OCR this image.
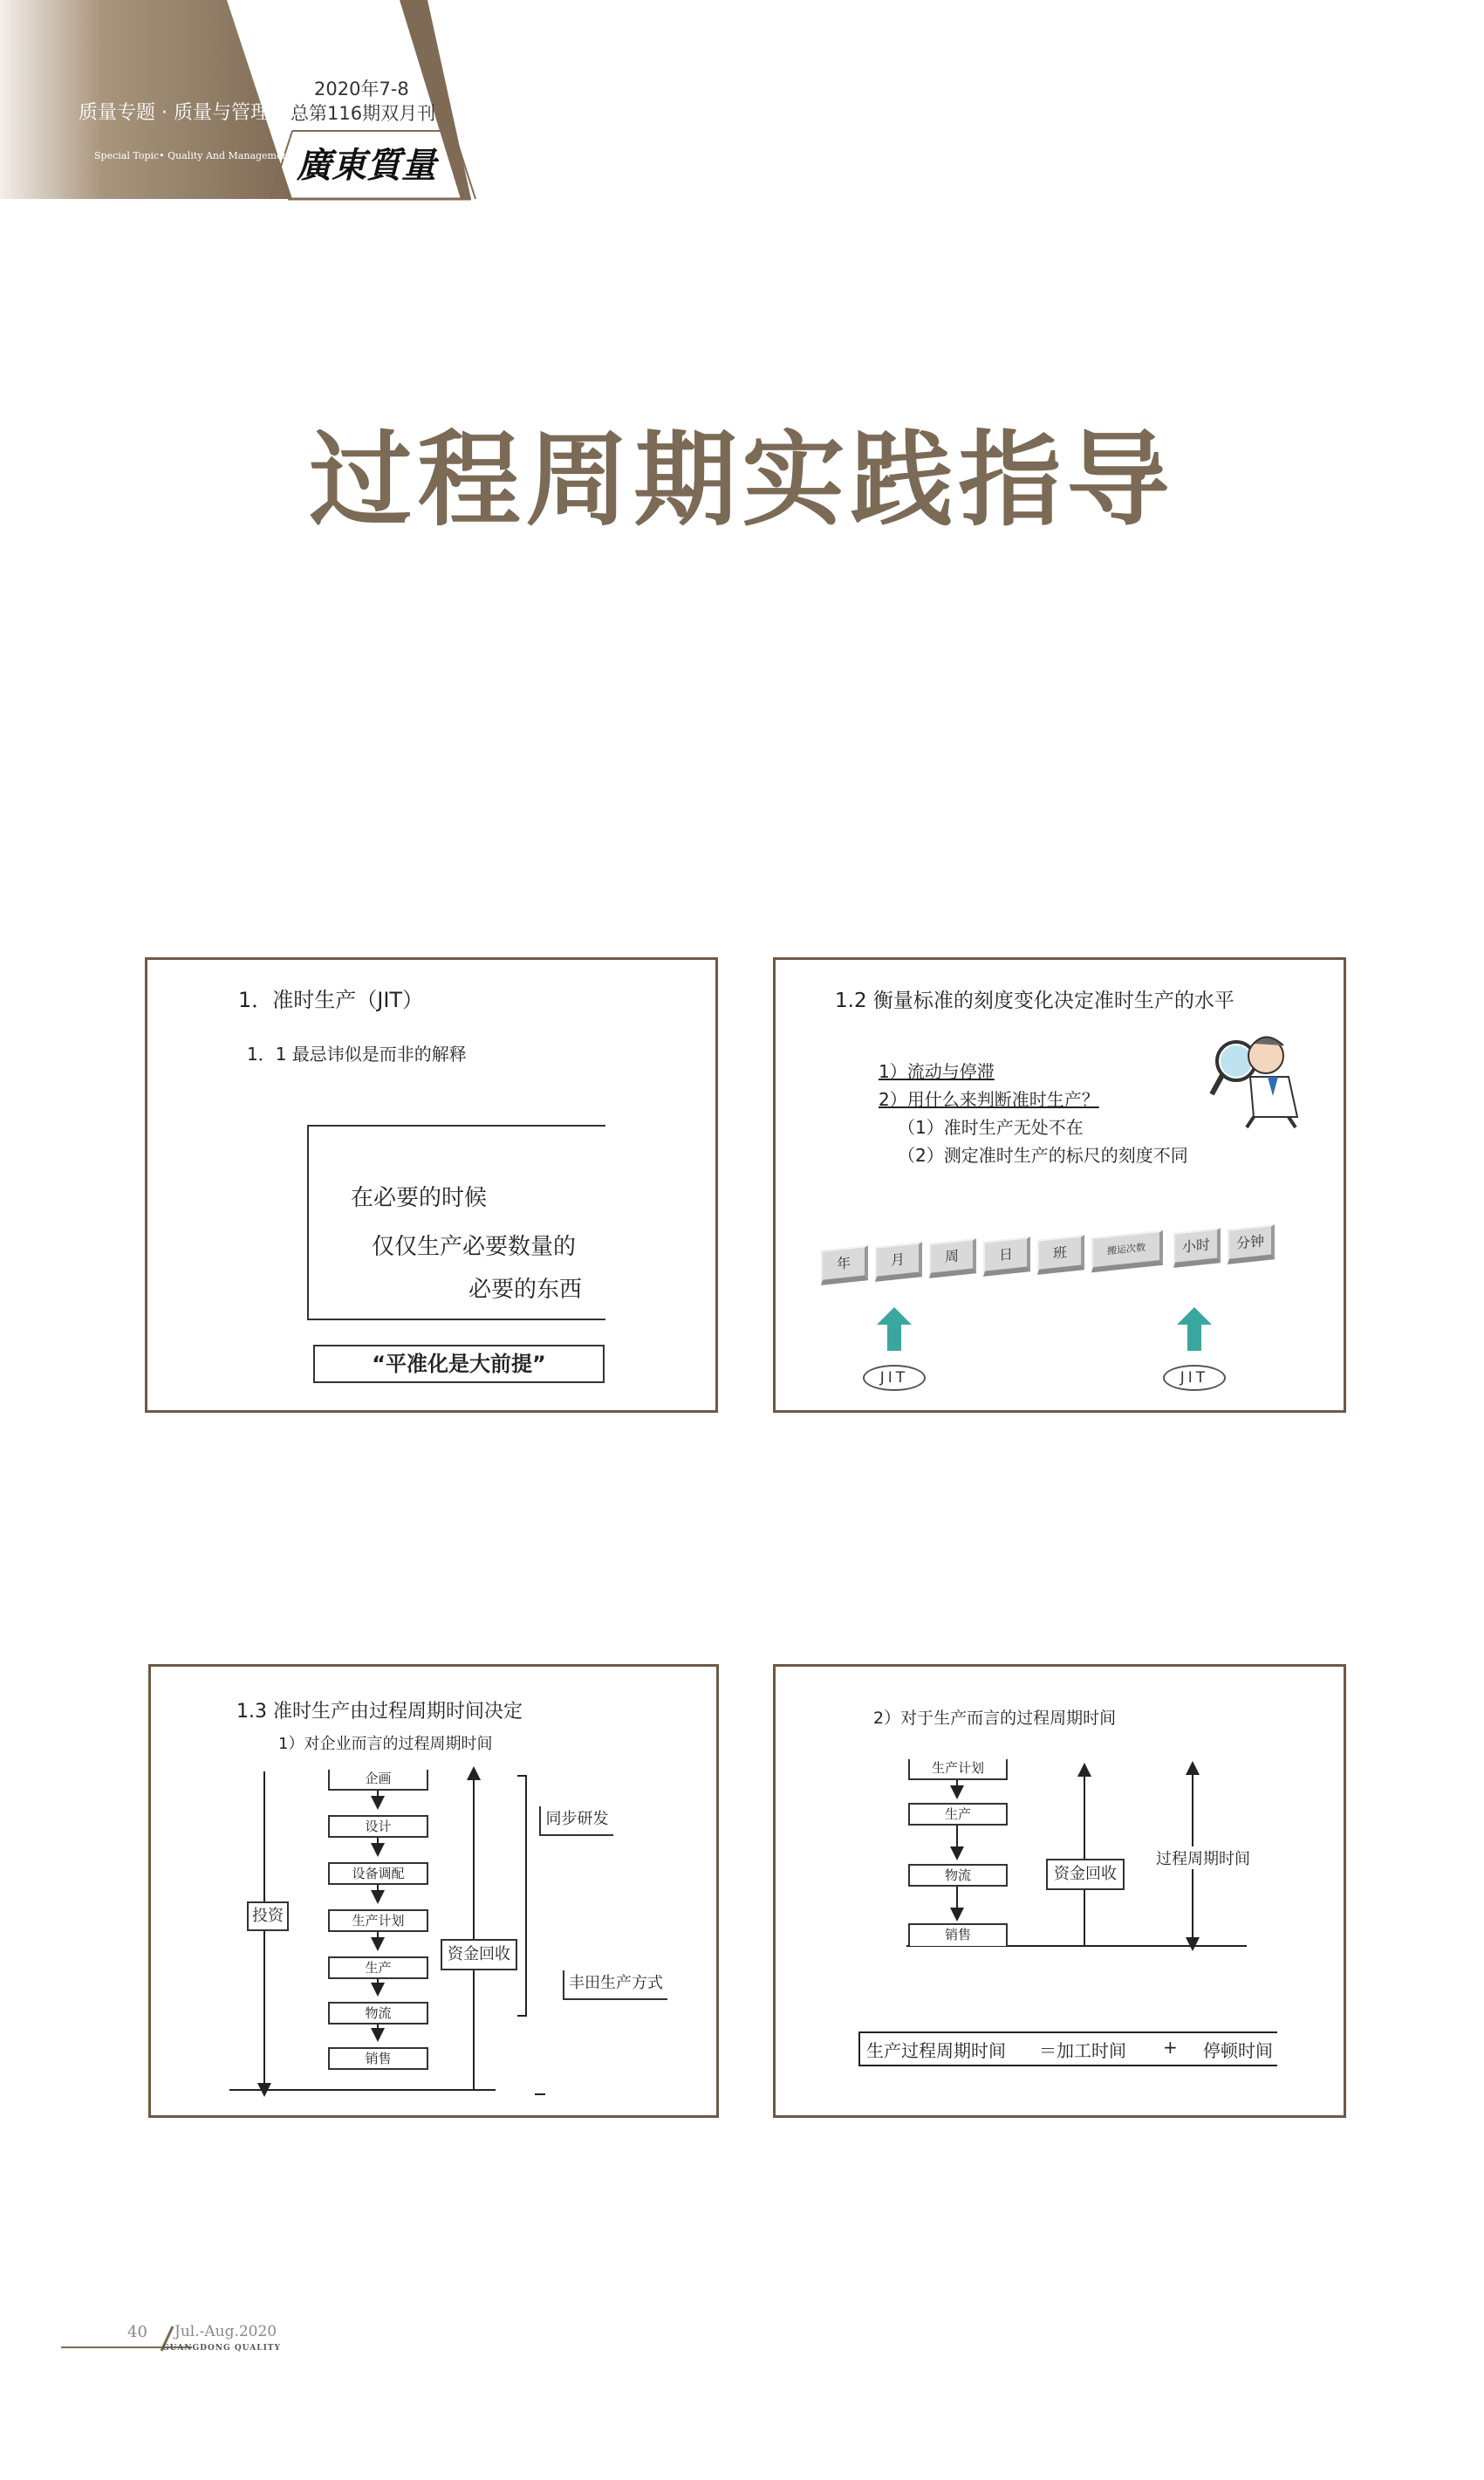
质量专题 · 质量与管理
Special Topic• Quality And Management
2020年7-8
总第116期双月刊
廣東質量
过程周期实践指导
1．准时生产（JIT）
1．1 最忌讳似是而非的解释
在必要的时候
仅仅生产必要数量的
必要的东西
“平准化是大前提”
1.2 衡量标准的刻度变化决定准时生产的水平
1）流动与停滞
2）用什么来判断准时生产？
（1）准时生产无处不在
（2）测定准时生产的标尺的刻度不同
年	月	周	日	班	搬运次数	小时	分钟
JIT	JIT
1.3 准时生产由过程周期时间决定
1）对企业而言的过程周期时间
企画
设计
设备调配
生产计划
生产
物流
销售
投资
资金回收
同步研发
丰田生产方式
2）对于生产而言的过程周期时间
生产计划
生产
物流
销售
资金回收
过程周期时间
生产过程周期时间 ＝加工时间 + 停顿时间
40 Jul.-Aug.2020
GUANGDONG QUALITY
